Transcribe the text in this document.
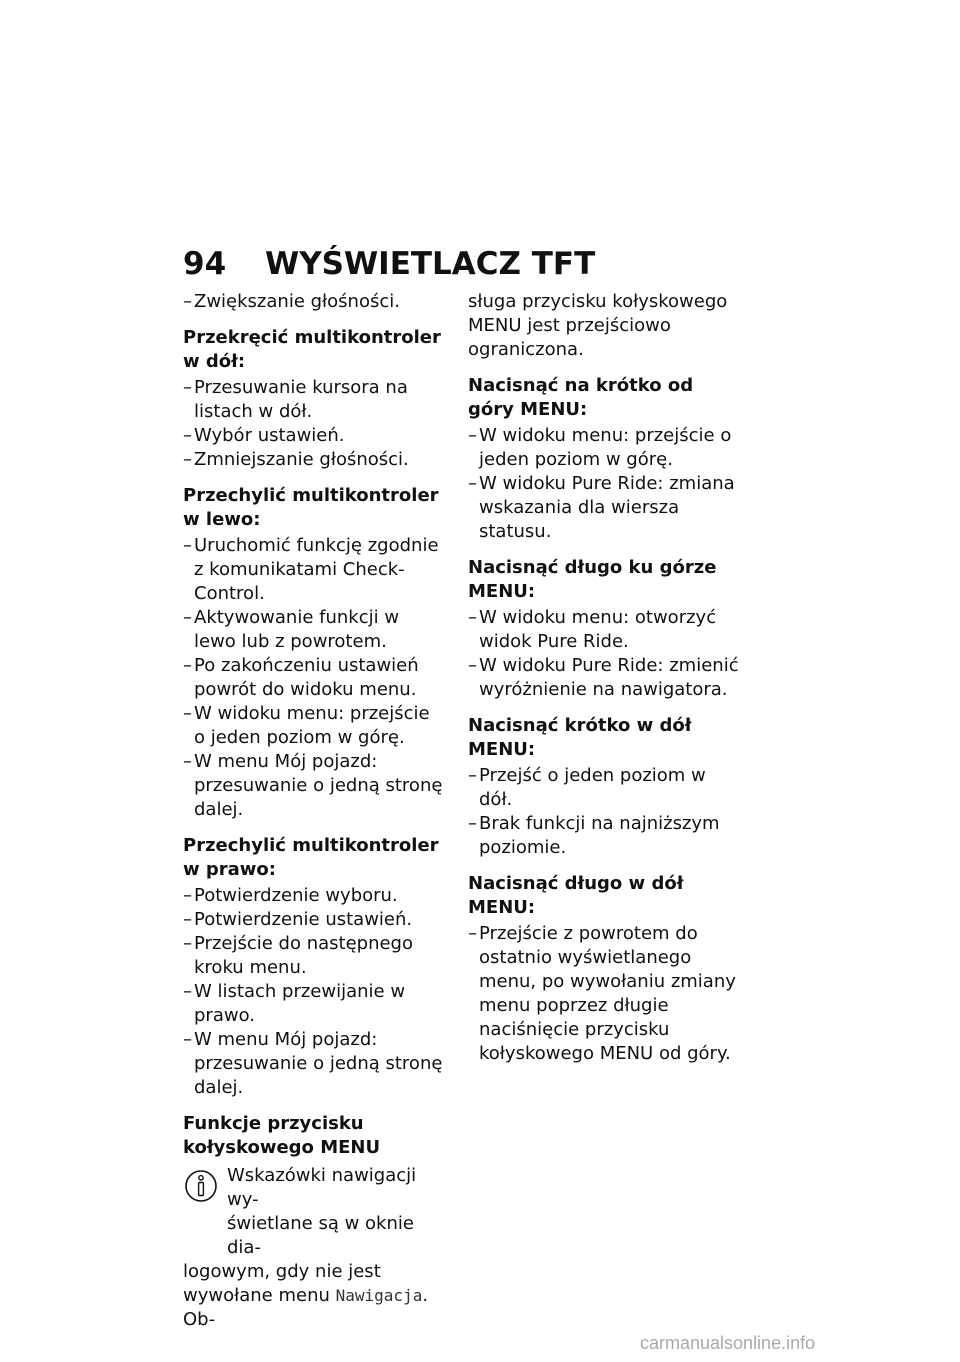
94	WYŚWIETLACZ TFT
– Zwiększanie głośności.
Przekręcić multikontroler w dół:
– Przesuwanie kursora na listach w dół.
– Wybór ustawień.
– Zmniejszanie głośności.
Przechylić multikontroler w lewo:
– Uruchomić funkcję zgodnie z komunikatami Check-Control.
– Aktywowanie funkcji w lewo lub z powrotem.
– Po zakończeniu ustawień powrót do widoku menu.
– W widoku menu: przejście o jeden poziom w górę.
– W menu Mój pojazd: przesuwanie o jedną stronę dalej.
Przechylić multikontroler w prawo:
– Potwierdzenie wyboru.
– Potwierdzenie ustawień.
– Przejście do następnego kroku menu.
– W listach przewijanie w prawo.
– W menu Mój pojazd: przesuwanie o jedną stronę dalej.
Funkcje przycisku kołyskowego MENU
Wskazówki nawigacji wy-
świetlane są w oknie dia-

logowym, gdy nie jest wywołane menu Nawigacja. Ob-

sługa przycisku kołyskowego MENU jest przejściowo ograniczona.

Nacisnąć na krótko od góry MENU:
– W widoku menu: przejście o jeden poziom w górę.
– W widoku Pure Ride: zmiana wskazania dla wiersza statusu.
Nacisnąć długo ku górze MENU:
– W widoku menu: otworzyć widok Pure Ride.
– W widoku Pure Ride: zmienić wyróżnienie na nawigatora.
Nacisnąć krótko w dół MENU:
– Przejść o jeden poziom w dół.
– Brak funkcji na najniższym poziomie.
Nacisnąć długo w dół MENU:
– Przejście z powrotem do ostatnio wyświetlanego menu, po wywołaniu zmiany menu poprzez długie naciśnięcie przycisku kołyskowego MENU od góry.
carmanualsonline.info
